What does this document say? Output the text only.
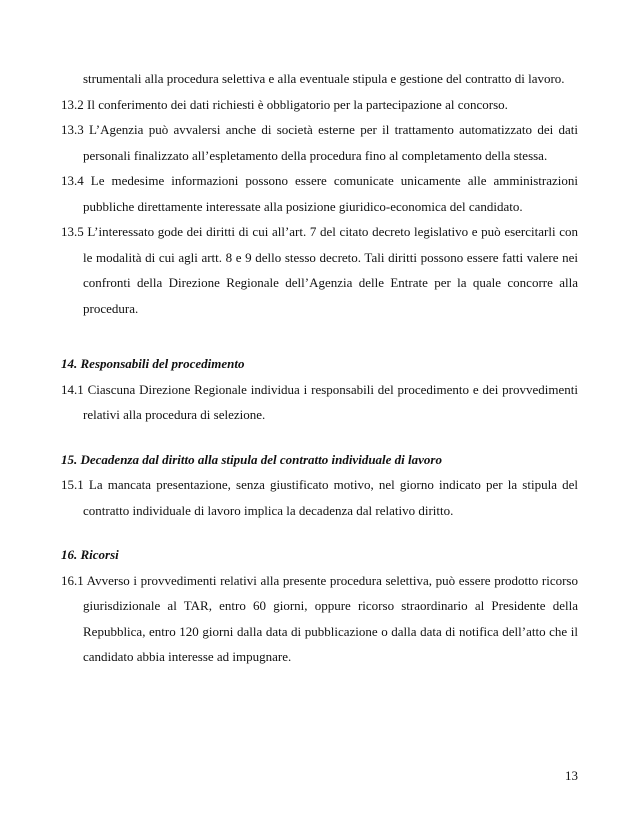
strumentali alla procedura selettiva e alla eventuale stipula e gestione del contratto di lavoro.
13.2 Il conferimento dei dati richiesti è obbligatorio per la partecipazione al concorso.
13.3 L’Agenzia può avvalersi anche di società esterne per il trattamento automatizzato dei dati personali finalizzato all’espletamento della procedura fino al completamento della stessa.
13.4 Le medesime informazioni possono essere comunicate unicamente alle amministrazioni pubbliche direttamente interessate alla posizione giuridico-economica del candidato.
13.5 L’interessato gode dei diritti di cui all’art. 7 del citato decreto legislativo e può esercitarli con le modalità di cui agli artt. 8 e 9 dello stesso decreto. Tali diritti possono essere fatti valere nei confronti della Direzione Regionale dell’Agenzia delle Entrate per la quale concorre alla procedura.
14. Responsabili del procedimento
14.1 Ciascuna Direzione Regionale individua i responsabili del procedimento e dei provvedimenti relativi alla procedura di selezione.
15. Decadenza dal diritto alla stipula del contratto individuale di lavoro
15.1 La mancata presentazione, senza giustificato motivo, nel giorno indicato per la stipula del contratto individuale di lavoro implica la decadenza dal relativo diritto.
16. Ricorsi
16.1 Avverso i provvedimenti relativi alla presente procedura selettiva, può essere prodotto ricorso giurisdizionale al TAR, entro 60 giorni, oppure ricorso straordinario al Presidente della Repubblica, entro 120 giorni dalla data di pubblicazione o dalla data di notifica dell’atto che il candidato abbia interesse ad impugnare.
13
